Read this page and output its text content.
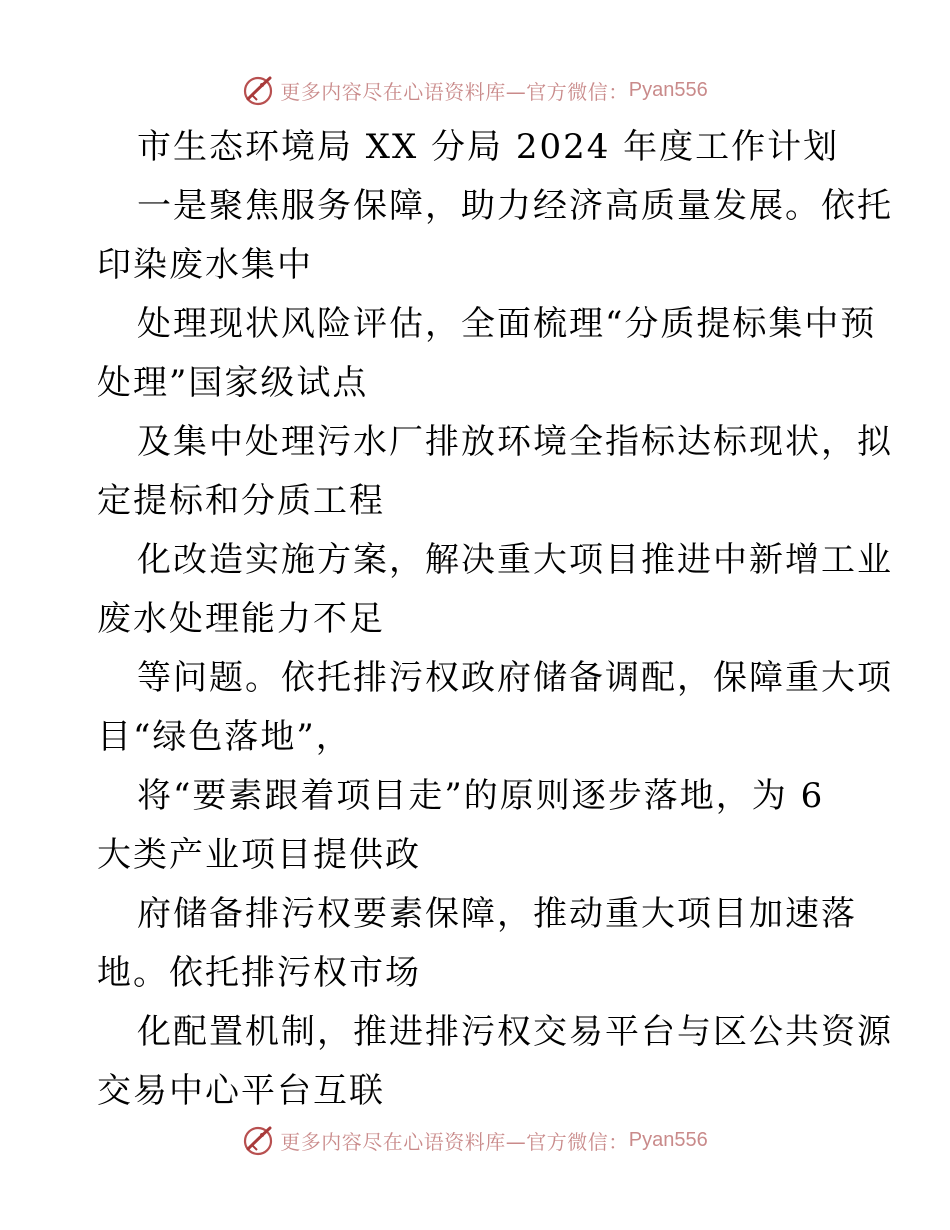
更多内容尽在心语资料库—官方微信： Pyan556
市生态环境局 XX 分局 2024 年度工作计划
一是聚焦服务保障，助力经济高质量发展。依托
印染废水集中
处理现状风险评估，全面梳理“分质提标集中预
处理”国家级试点
及集中处理污水厂排放环境全指标达标现状，拟
定提标和分质工程
化改造实施方案，解决重大项目推进中新增工业
废水处理能力不足
等问题。依托排污权政府储备调配，保障重大项
目“绿色落地”，
将“要素跟着项目走”的原则逐步落地，为 6
大类产业项目提供政
府储备排污权要素保障，推动重大项目加速落
地。依托排污权市场
化配置机制，推进排污权交易平台与区公共资源
交易中心平台互联
更多内容尽在心语资料库—官方微信： Pyan556
